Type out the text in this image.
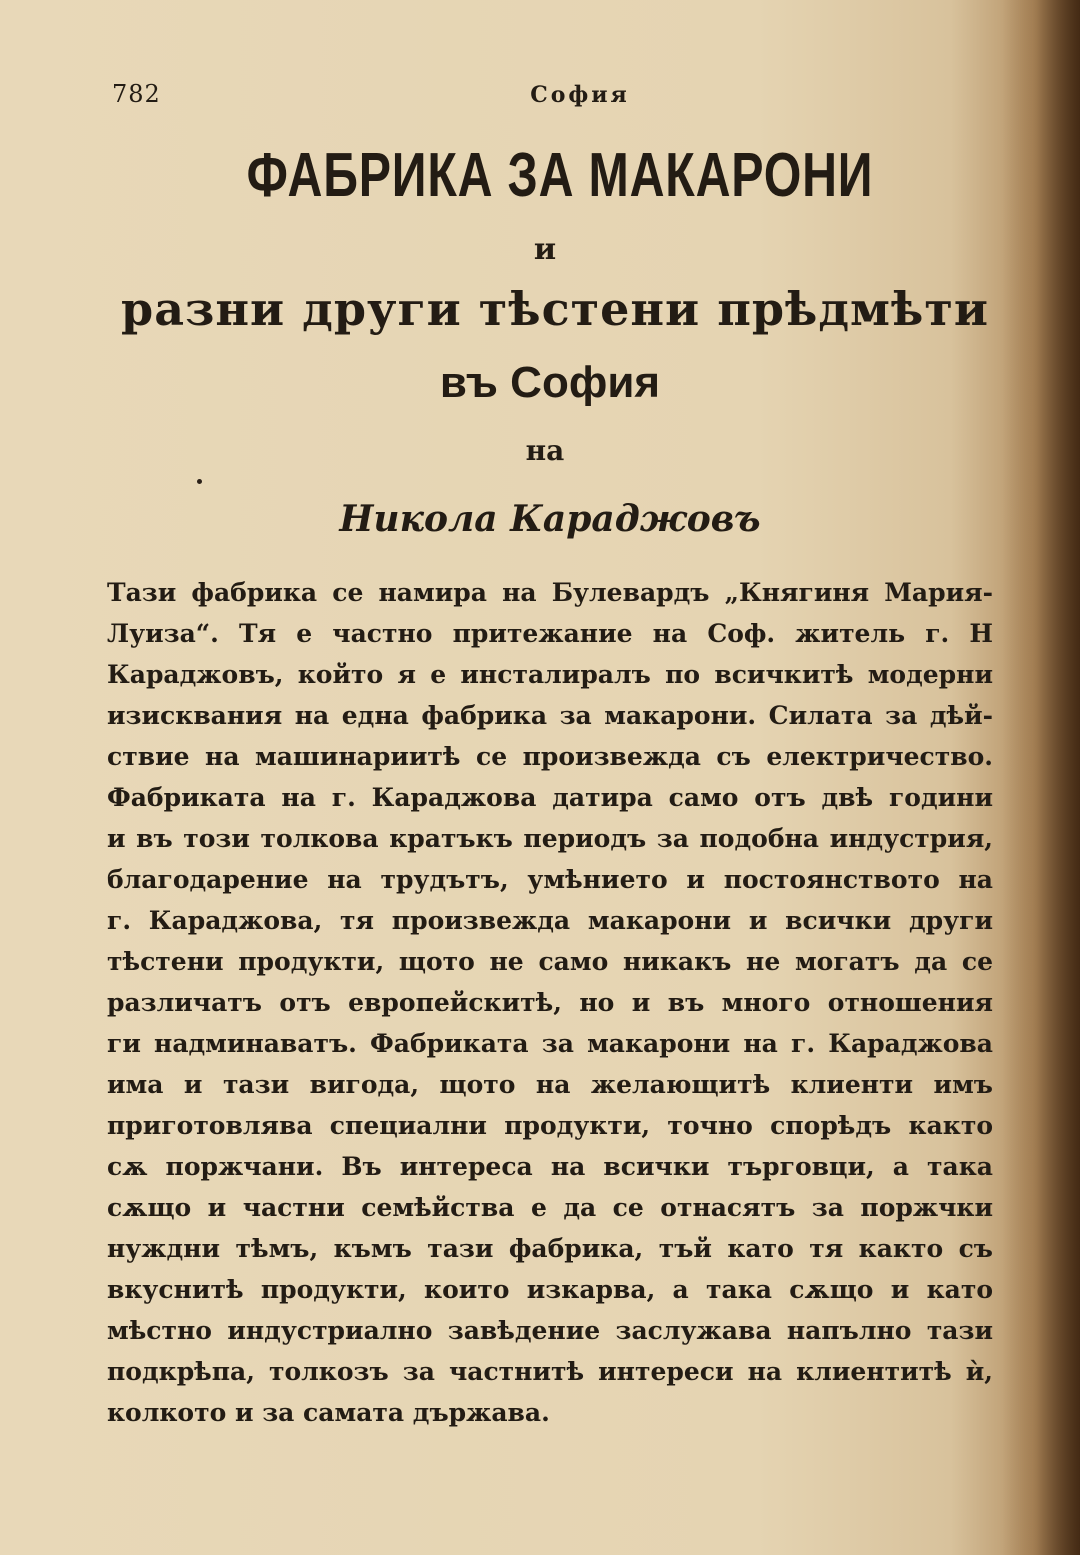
782	София
ФАБРИКА ЗА МАКАРОНИ
и
разни други тѣстени прѣдмѣти
въ София
на
Никола Караджовъ
Тази фабрика се намира на Булевардъ „Княгиня Мария-
Луиза“. Тя е частно притежание на Соф. житель г. Н
Караджовъ, който я е инсталиралъ по всичкитѣ модерни
изисквания на една фабрика за макарони. Силата за дѣй-
ствие на машинариитѣ се произвежда съ електричество.
Фабриката на г. Караджова датира само отъ двѣ години
и въ този толкова кратъкъ периодъ за подобна индустрия,
благодарение на трудътъ, умѣнието и постоянството на
г. Караджова, тя произвежда макарони и всички други
тѣстени продукти, щото не само никакъ не могатъ да се
различатъ отъ европейскитѣ, но и въ много отношения
ги надминаватъ. Фабриката за макарони на г. Караджова
има и тази вигода, щото на желающитѣ клиенти имъ
приготовлява специални продукти, точно спорѣдъ както
сѫ поржчани. Въ интереса на всички търговци, а така
сѫщо и частни семѣйства е да се отнасятъ за поржчки
нуждни тѣмъ, къмъ тази фабрика, тъй като тя както съ
вкуснитѣ продукти, които изкарва, а така сѫщо и като
мѣстно индустриално завѣдение заслужава напълно тази
подкрѣпа, толкозъ за частнитѣ интереси на клиентитѣ ѝ,
колкото и за самата държава.
